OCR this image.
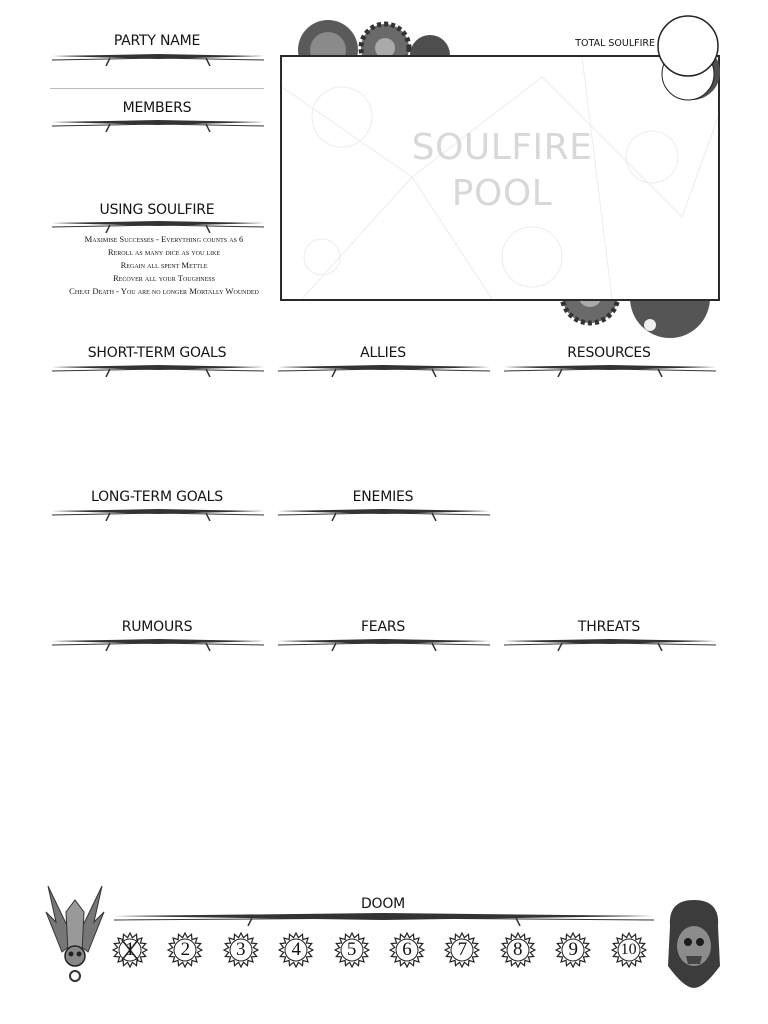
PARTY NAME
MEMBERS
USING SOULFIRE
Maximise Successes - Everything counts as 6
Reroll as many dice as you like
Regain all spent Mettle
Recover all your Toughness
Cheat Death - You are no longer Mortally Wounded
SOULFIRE
POOL
TOTAL SOULFIRE
SHORT-TERM GOALS	ALLIES	RESOURCES
LONG-TERM GOALS	ENEMIES
RUMOURS	FEARS	THREATS
DOOM
1 2 3 4 5 6 7 8 9	10
